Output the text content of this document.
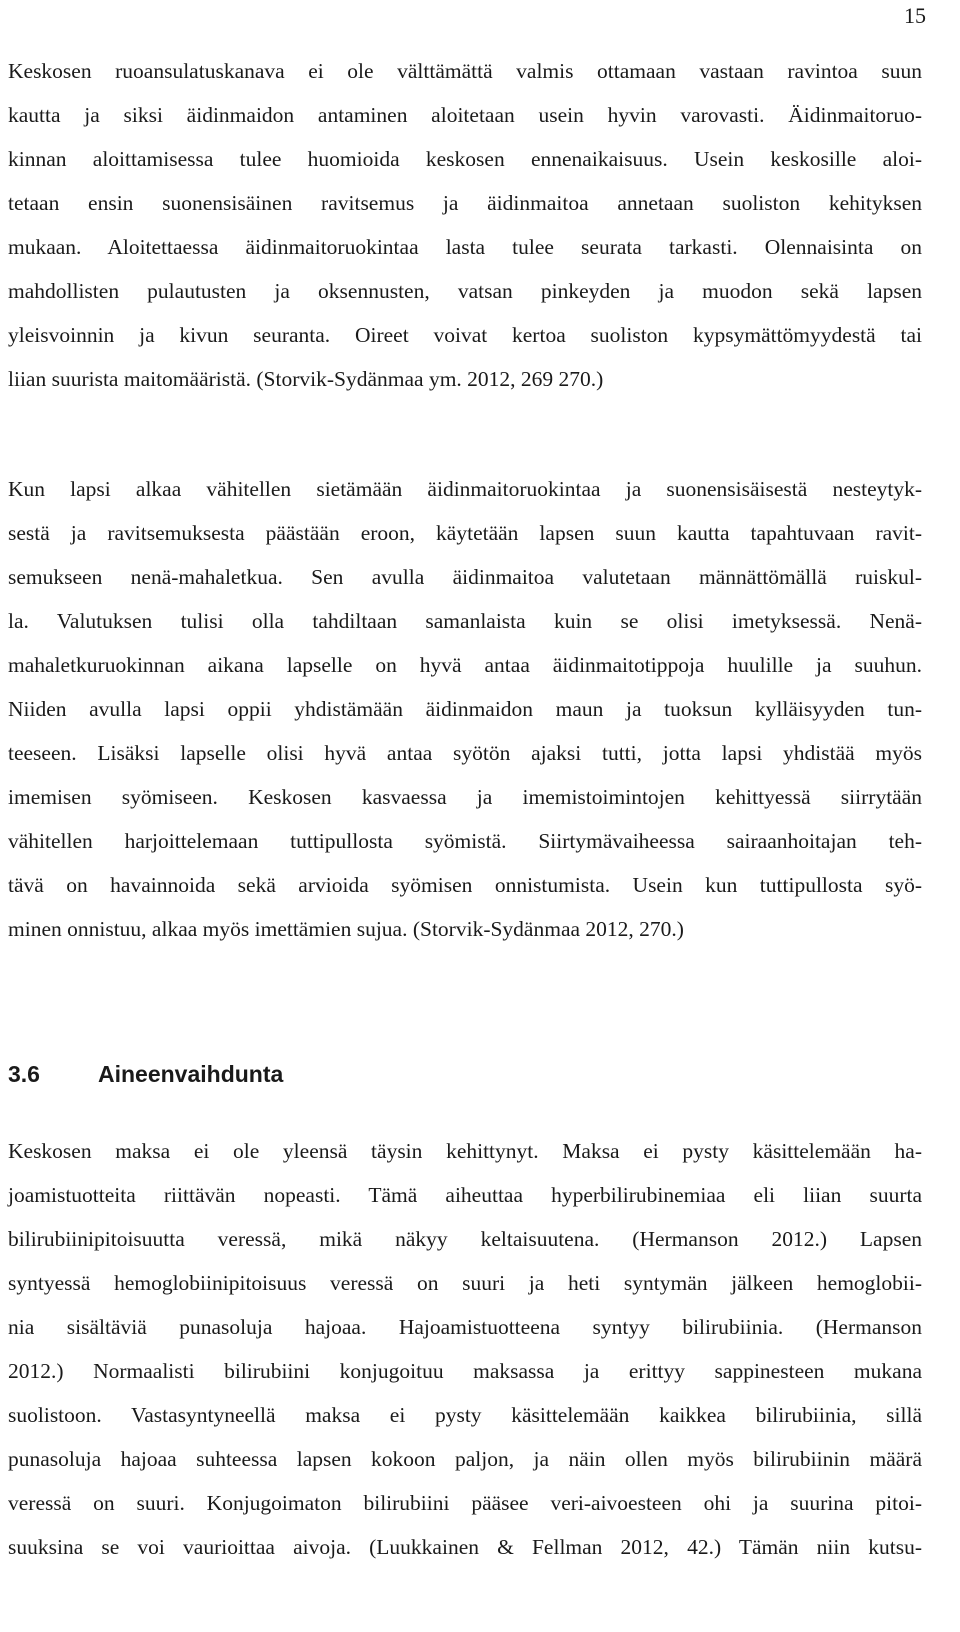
15
Keskosen ruoansulatuskanava ei ole välttämättä valmis ottamaan vastaan ravintoa suun
kautta ja siksi äidinmaidon antaminen aloitetaan usein hyvin varovasti. Äidinmaitoruo-
kinnan aloittamisessa tulee huomioida keskosen ennenaikaisuus. Usein keskosille aloi-
tetaan ensin suonensisäinen ravitsemus ja äidinmaitoa annetaan suoliston kehityksen
mukaan. Aloitettaessa äidinmaitoruokintaa lasta tulee seurata tarkasti. Olennaisinta on
mahdollisten pulautusten ja oksennusten, vatsan pinkeyden ja muodon sekä lapsen
yleisvoinnin ja kivun seuranta. Oireet voivat kertoa suoliston kypsymättömyydestä tai
liian suurista maitomääristä. (Storvik-Sydänmaa ym. 2012, 269 270.)
Kun lapsi alkaa vähitellen sietämään äidinmaitoruokintaa ja suonensisäisestä nesteytyk-
sestä ja ravitsemuksesta päästään eroon, käytetään lapsen suun kautta tapahtuvaan ravit-
semukseen nenä-mahaletkua. Sen avulla äidinmaitoa valutetaan männättömällä ruiskul-
la. Valutuksen tulisi olla tahdiltaan samanlaista kuin se olisi imetyksessä. Nenä-
mahaletkuruokinnan aikana lapselle on hyvä antaa äidinmaitotippoja huulille ja suuhun.
Niiden avulla lapsi oppii yhdistämään äidinmaidon maun ja tuoksun kylläisyyden tun-
teeseen. Lisäksi lapselle olisi hyvä antaa syötön ajaksi tutti, jotta lapsi yhdistää myös
imemisen syömiseen. Keskosen kasvaessa ja imemistoimintojen kehittyessä siirrytään
vähitellen harjoittelemaan tuttipullosta syömistä. Siirtymävaiheessa sairaanhoitajan teh-
tävä on havainnoida sekä arvioida syömisen onnistumista. Usein kun tuttipullosta syö-
minen onnistuu, alkaa myös imettämien sujua. (Storvik-Sydänmaa 2012, 270.)
3.6	Aineenvaihdunta
Keskosen maksa ei ole yleensä täysin kehittynyt. Maksa ei pysty käsittelemään ha-
joamistuotteita riittävän nopeasti. Tämä aiheuttaa hyperbilirubinemiaa eli liian suurta
bilirubiinipitoisuutta veressä, mikä näkyy keltaisuutena. (Hermanson 2012.) Lapsen
syntyessä hemoglobiinipitoisuus veressä on suuri ja heti syntymän jälkeen hemoglobii-
nia sisältäviä punasoluja hajoaa. Hajoamistuotteena syntyy bilirubiinia. (Hermanson
2012.) Normaalisti bilirubiini konjugoituu maksassa ja erittyy sappinesteen mukana
suolistoon. Vastasyntyneellä maksa ei pysty käsittelemään kaikkea bilirubiinia, sillä
punasoluja hajoaa suhteessa lapsen kokoon paljon, ja näin ollen myös bilirubiinin määrä
veressä on suuri. Konjugoimaton bilirubiini pääsee veri-aivoesteen ohi ja suurina pitoi-
suuksina se voi vaurioittaa aivoja. (Luukkainen & Fellman 2012, 42.) Tämän niin kutsu-
